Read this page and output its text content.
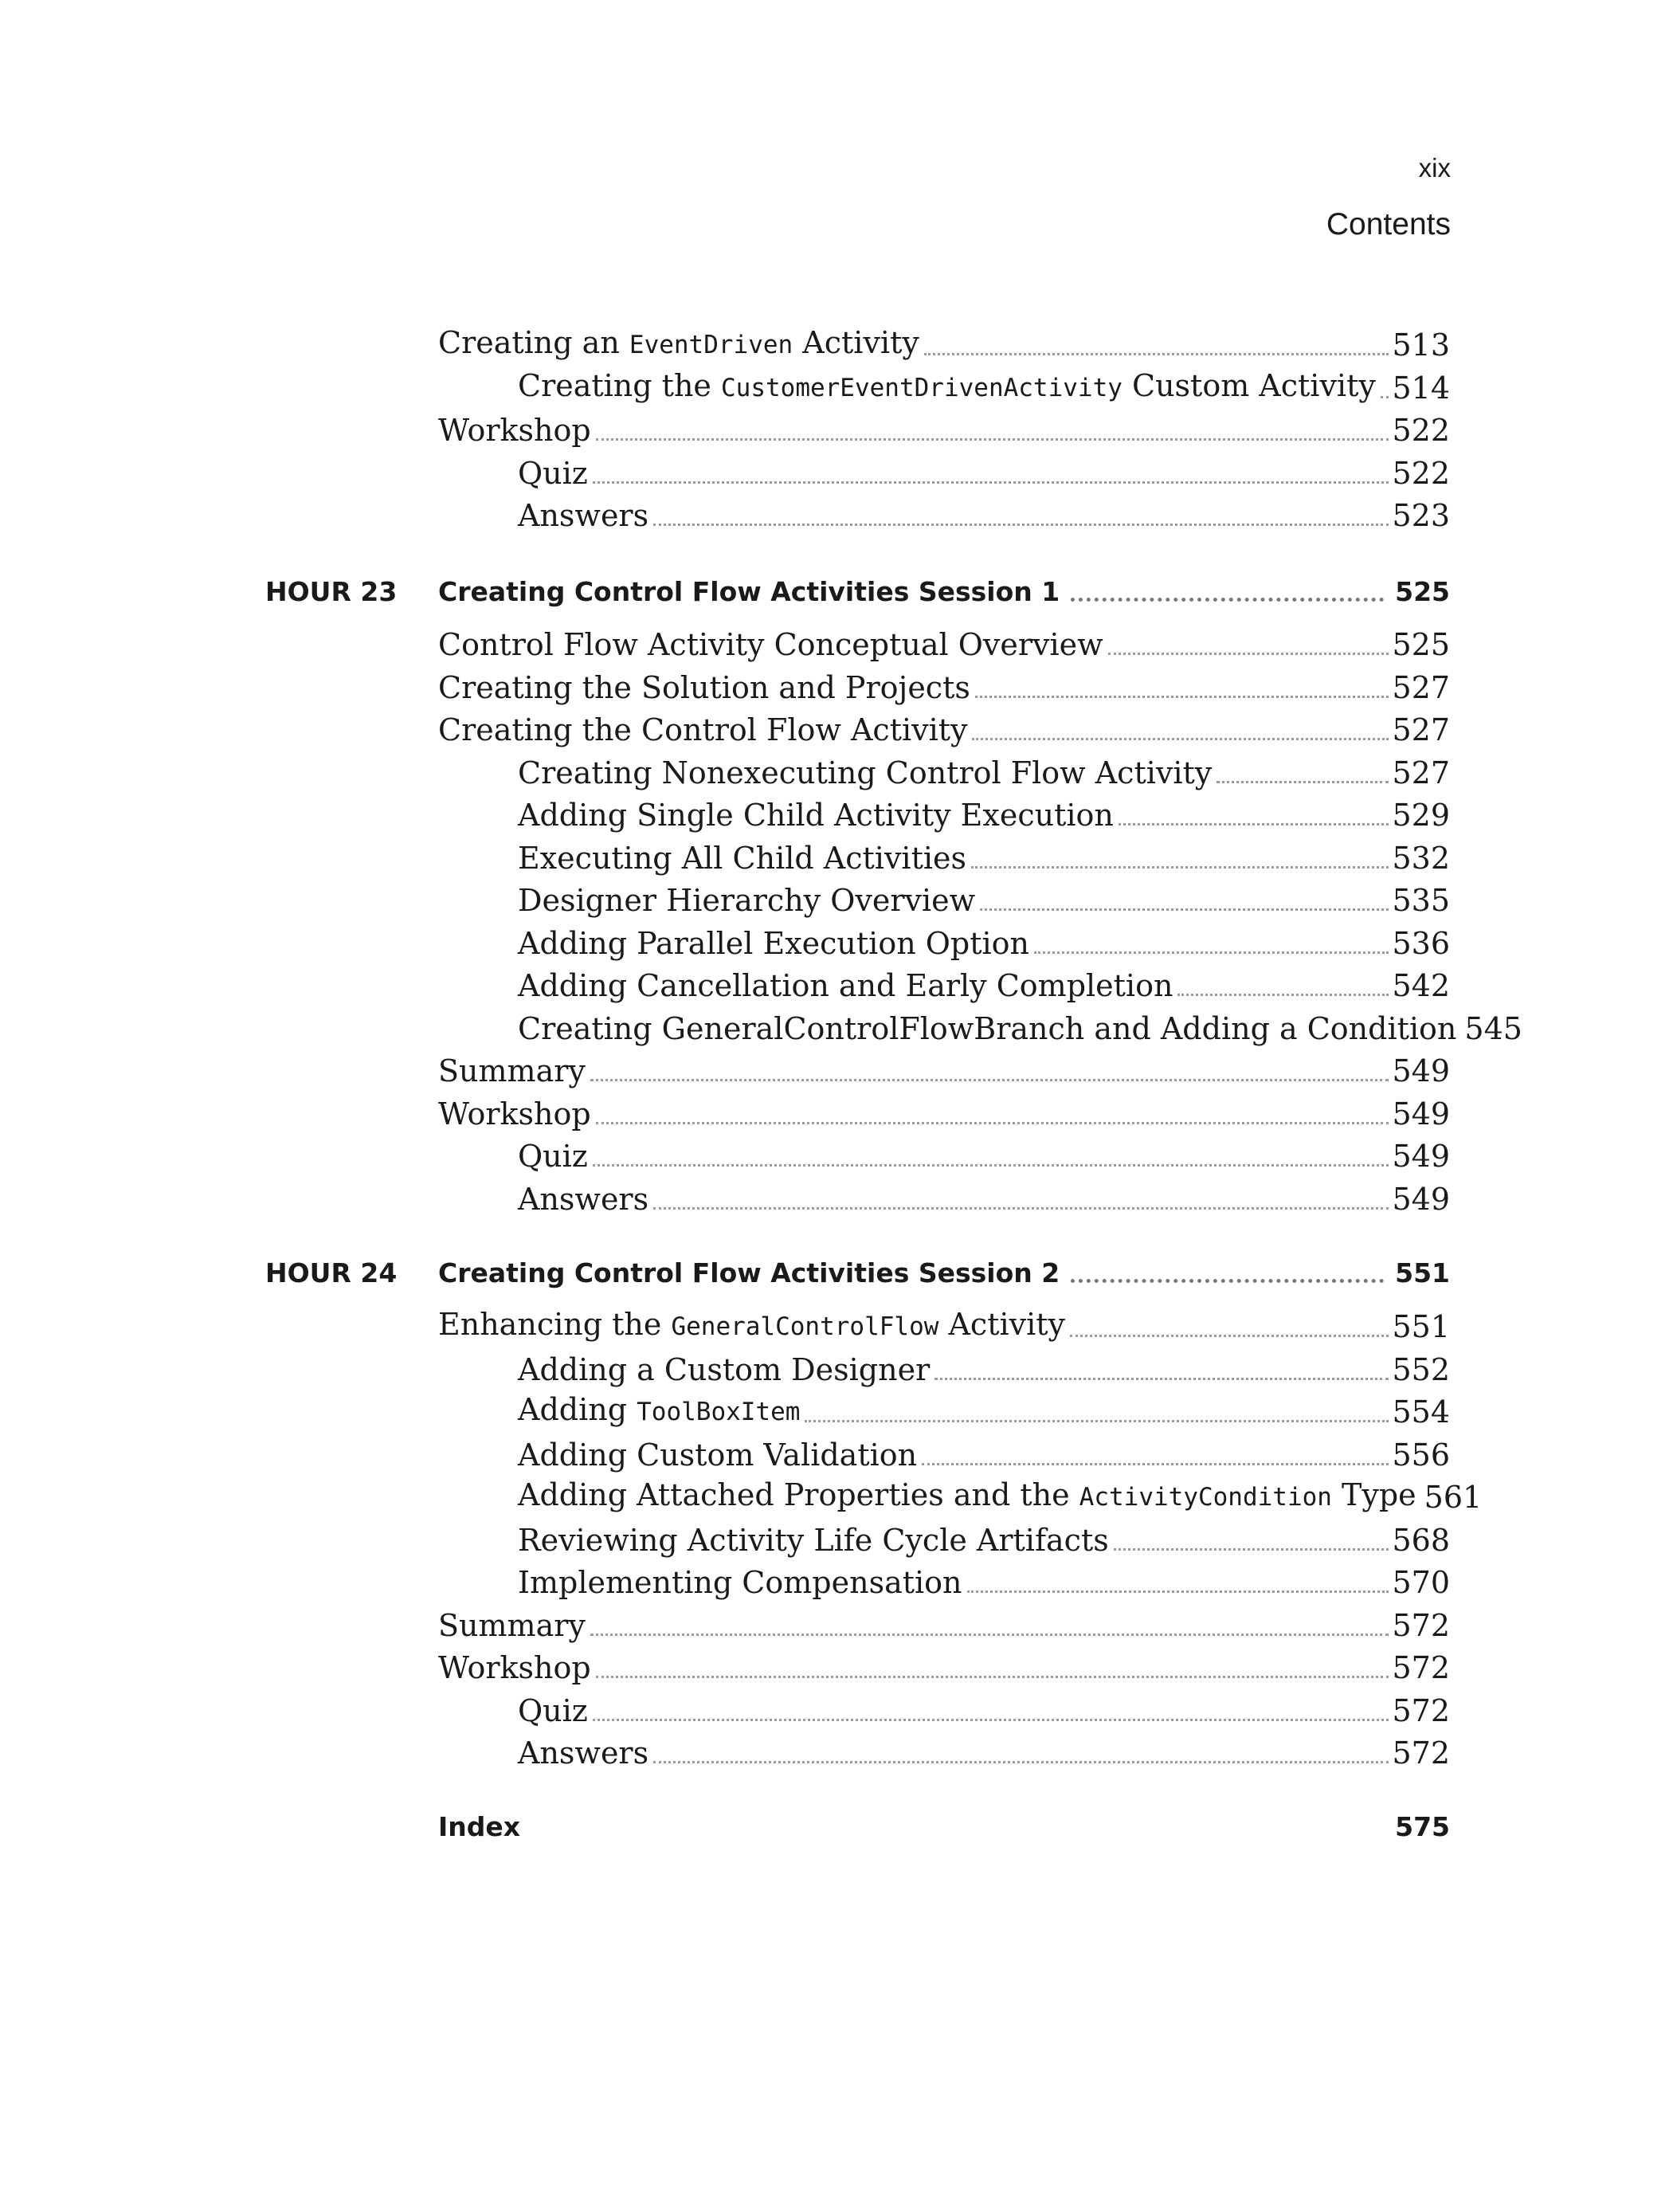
xix
Contents
Creating an EventDriven Activity	513
Creating the CustomerEventDrivenActivity Custom Activity 514
Workshop	522
Quiz	522
Answers	523
HOUR 23 Creating Control Flow Activities Session 1	525
Control Flow Activity Conceptual Overview	525
Creating the Solution and Projects	527
Creating the Control Flow Activity	527
Creating Nonexecuting Control Flow Activity	527
Adding Single Child Activity Execution	529
Executing All Child Activities	532
Designer Hierarchy Overview	535
Adding Parallel Execution Option	536
Adding Cancellation and Early Completion	542
Creating GeneralControlFlowBranch and Adding a Condition 545
Summary	549
Workshop	549
Quiz	549
Answers	549
HOUR 24 Creating Control Flow Activities Session 2	551
Enhancing the GeneralControlFlow Activity	551
Adding a Custom Designer	552
Adding ToolBoxItem	554
Adding Custom Validation	556
Adding Attached Properties and the ActivityCondition Type 561
Reviewing Activity Life Cycle Artifacts	568
Implementing Compensation	570
Summary	572
Workshop	572
Quiz	572
Answers	572
Index	575
